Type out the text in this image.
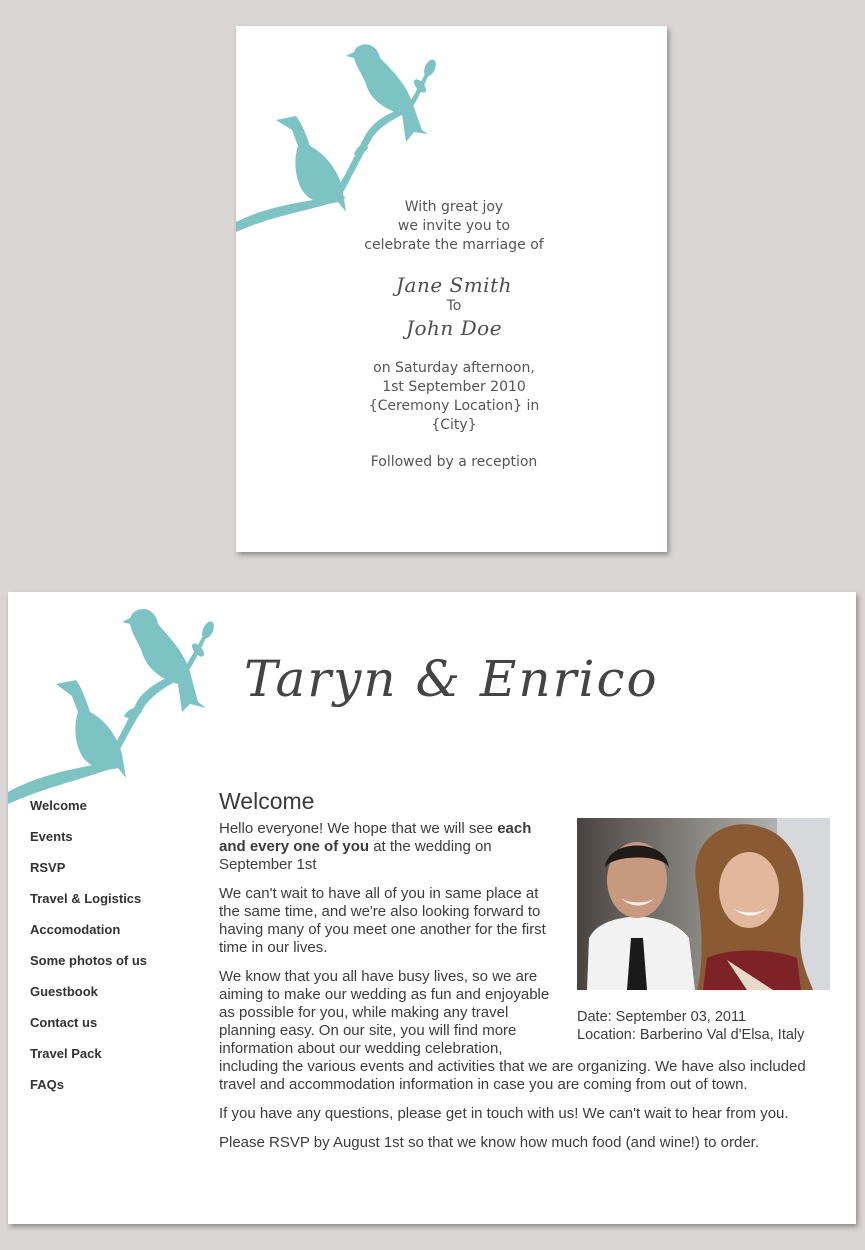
With great joy
we invite you to
celebrate the marriage of
Jane Smith
To
John Doe
on Saturday afternoon,
1st September 2010
{Ceremony Location} in {City}
Followed by a reception
Taryn & Enrico
Welcome
Events
RSVP
Travel & Logistics
Accomodation
Some photos of us
Guestbook
Contact us
Travel Pack
FAQs
Welcome
Date: September 03, 2011
Location: Barberino Val d'Elsa, Italy

Hello everyone! We hope that we will see each and every one of you at the wedding on September 1st

We can't wait to have all of you in same place at the same time, and we're also looking forward to having many of you meet one another for the first time in our lives.

We know that you all have busy lives, so we are aiming to make our wedding as fun and enjoyable as possible for you, while making any travel planning easy. On our site, you will find more information about our wedding celebration, including the various events and activities that we are organizing. We have also included travel and accommodation information in case you are coming from out of town.

If you have any questions, please get in touch with us! We can't wait to hear from you.

Please RSVP by August 1st so that we know how much food (and wine!) to order.
